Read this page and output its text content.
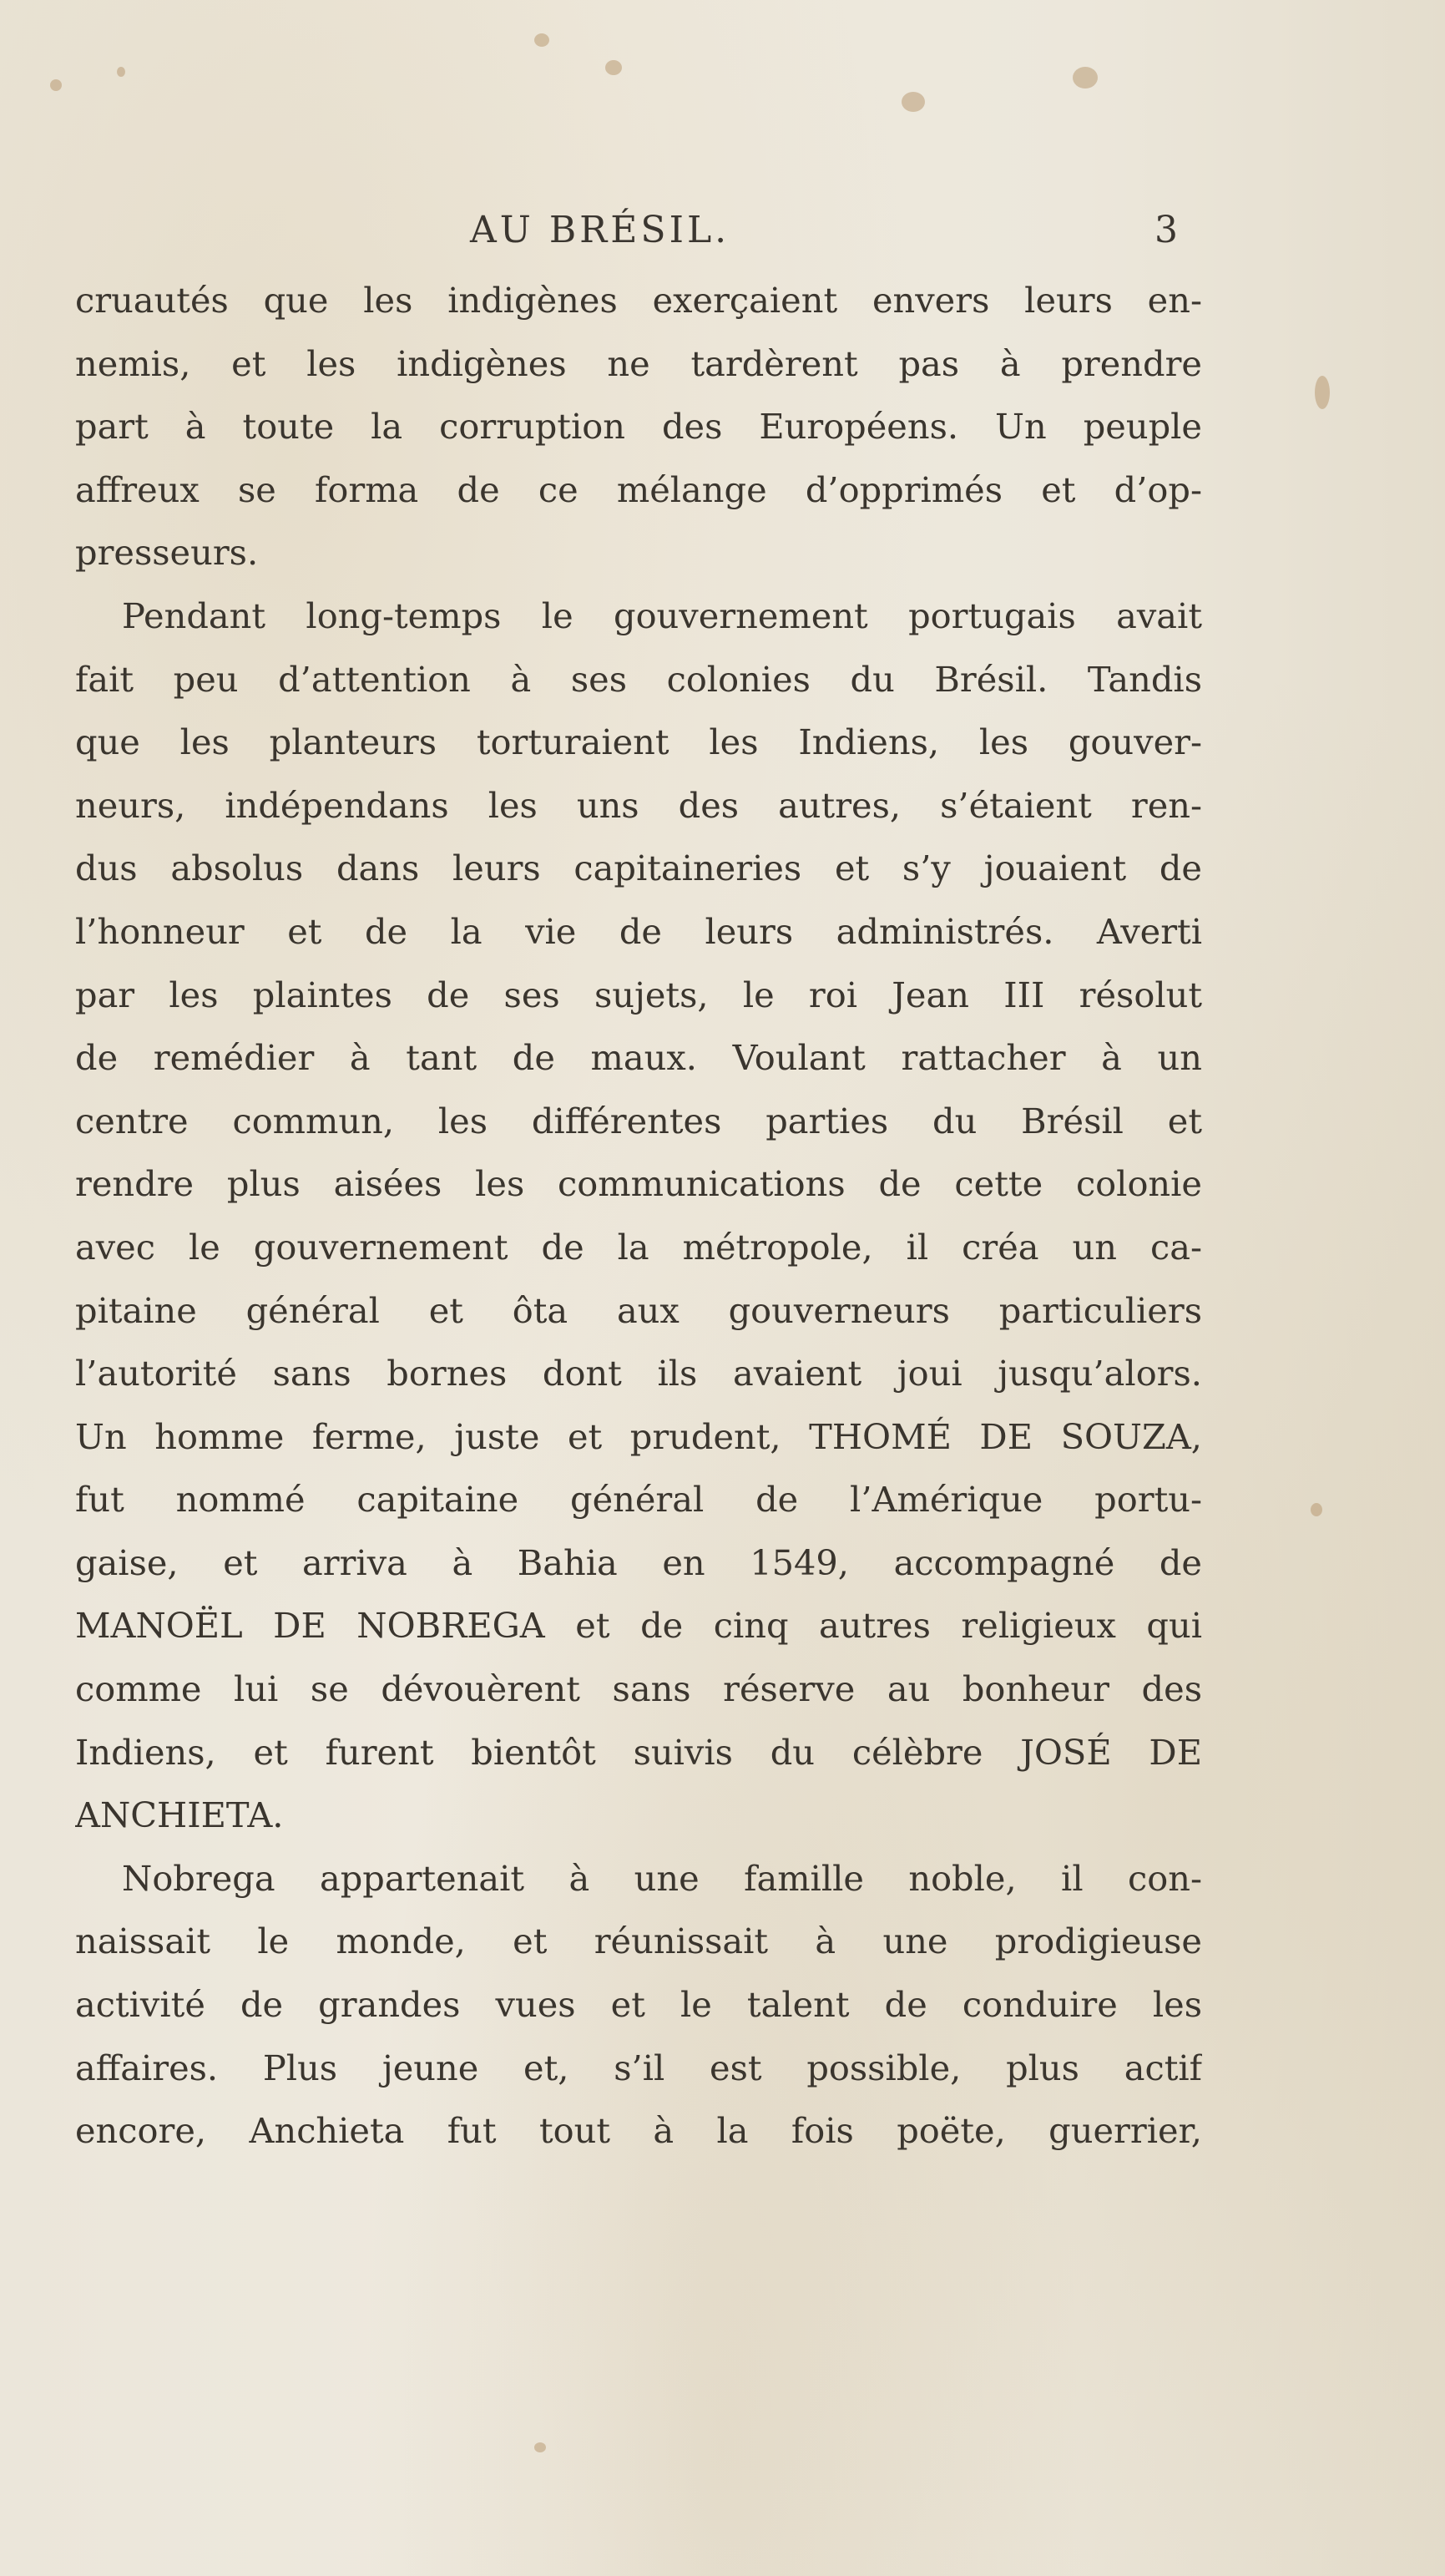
AU BRÉSIL.	3
cruautés que les indigènes exerçaient envers leurs en-
nemis, et les indigènes ne tardèrent pas à prendre
part à toute la corruption des Européens. Un peuple
affreux se forma de ce mélange d’opprimés et d’op-
presseurs.
Pendant long-temps le gouvernement portugais avait
fait peu d’attention à ses colonies du Brésil. Tandis
que les planteurs torturaient les Indiens, les gouver-
neurs, indépendans les uns des autres, s’étaient ren-
dus absolus dans leurs capitaineries et s’y jouaient de
l’honneur et de la vie de leurs administrés. Averti
par les plaintes de ses sujets, le roi Jean III résolut
de remédier à tant de maux. Voulant rattacher à un
centre commun, les différentes parties du Brésil et
rendre plus aisées les communications de cette colonie
avec le gouvernement de la métropole, il créa un ca-
pitaine général et ôta aux gouverneurs particuliers
l’autorité sans bornes dont ils avaient joui jusqu’alors.
Un homme ferme, juste et prudent, THOMÉ DE SOUZA,
fut nommé capitaine général de l’Amérique portu-
gaise, et arriva à Bahia en 1549, accompagné de
MANOËL DE NOBREGA et de cinq autres religieux qui
comme lui se dévouèrent sans réserve au bonheur des
Indiens, et furent bientôt suivis du célèbre JOSÉ DE
ANCHIETA.
Nobrega appartenait à une famille noble, il con-
naissait le monde, et réunissait à une prodigieuse
activité de grandes vues et le talent de conduire les
affaires. Plus jeune et, s’il est possible, plus actif
encore, Anchieta fut tout à la fois poëte, guerrier,
